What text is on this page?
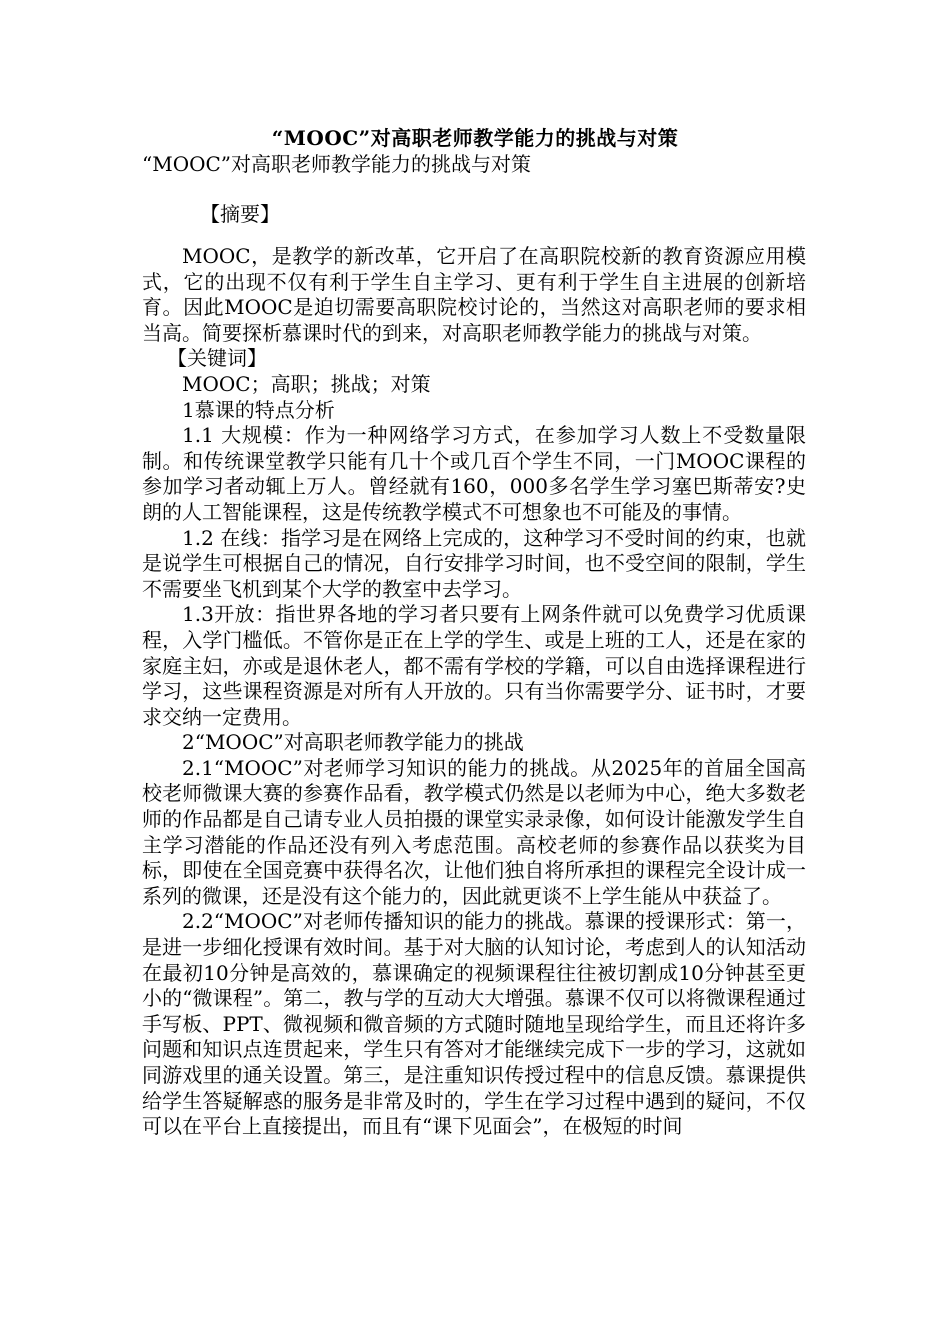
“MOOC”对高职老师教学能力的挑战与对策
“MOOC”对高职老师教学能力的挑战与对策
【摘要】

MOOC，是教学的新改革，它开启了在高职院校新的教育资源应用模式，它的出现不仅有利于学生自主学习、更有利于学生自主进展的创新培育。因此MOOC是迫切需要高职院校讨论的，当然这对高职老师的要求相当高。简要探析慕课时代的到来，对高职老师教学能力的挑战与对策。

【关键词】

MOOC；高职；挑战；对策

1慕课的特点分析

1.1 大规模：作为一种网络学习方式，在参加学习人数上不受数量限制。和传统课堂教学只能有几十个或几百个学生不同，一门MOOC课程的参加学习者动辄上万人。曾经就有160，000多名学生学习塞巴斯蒂安?史朗的人工智能课程，这是传统教学模式不可想象也不可能及的事情。

1.2 在线：指学习是在网络上完成的，这种学习不受时间的约束，也就是说学生可根据自己的情况，自行安排学习时间，也不受空间的限制，学生不需要坐飞机到某个大学的教室中去学习。

1.3开放：指世界各地的学习者只要有上网条件就可以免费学习优质课程，入学门槛低。不管你是正在上学的学生、或是上班的工人，还是在家的家庭主妇，亦或是退休老人，都不需有学校的学籍，可以自由选择课程进行学习，这些课程资源是对所有人开放的。只有当你需要学分、证书时，才要求交纳一定费用。

2“MOOC”对高职老师教学能力的挑战

2.1“MOOC”对老师学习知识的能力的挑战。从2025年的首届全国高校老师微课大赛的参赛作品看，教学模式仍然是以老师为中心，绝大多数老师的作品都是自己请专业人员拍摄的课堂实录录像，如何设计能激发学生自主学习潜能的作品还没有列入考虑范围。高校老师的参赛作品以获奖为目标，即使在全国竞赛中获得名次，让他们独自将所承担的课程完全设计成一系列的微课，还是没有这个能力的，因此就更谈不上学生能从中获益了。

2.2“MOOC”对老师传播知识的能力的挑战。慕课的授课形式：第一，是进一步细化授课有效时间。基于对大脑的认知讨论，考虑到人的认知活动在最初10分钟是高效的，慕课确定的视频课程往往被切割成10分钟甚至更小的“微课程”。第二，教与学的互动大大增强。慕课不仅可以将微课程通过手写板、PPT、微视频和微音频的方式随时随地呈现给学生，而且还将许多问题和知识点连贯起来，学生只有答对才能继续完成下一步的学习，这就如同游戏里的通关设置。第三，是注重知识传授过程中的信息反馈。慕课提供给学生答疑解惑的服务是非常及时的，学生在学习过程中遇到的疑问，不仅可以在平台上直接提出，而且有“课下见面会”，在极短的时间
